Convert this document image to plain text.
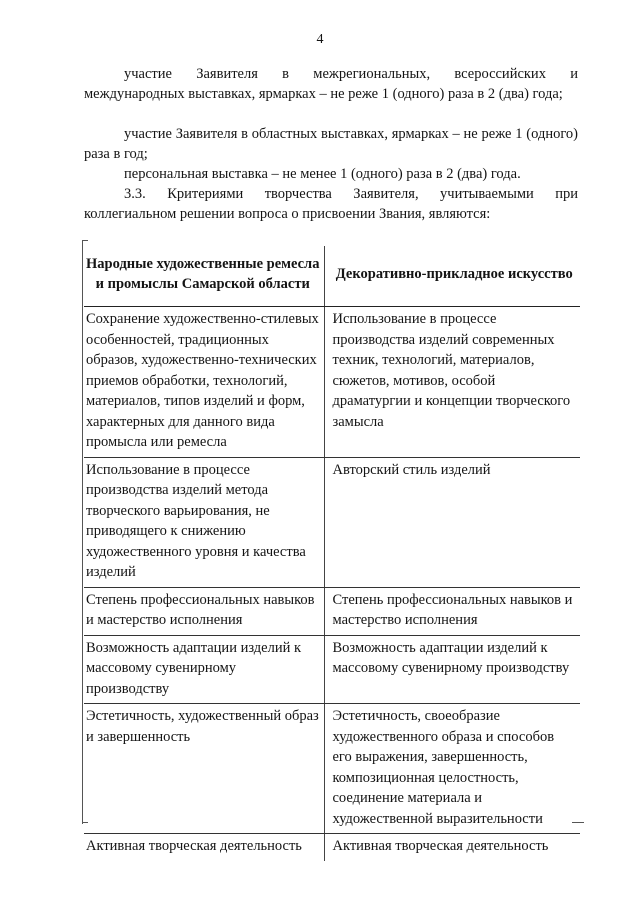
4

участие Заявителя в межрегиональных, всероссийских и международных выставках, ярмарках – не реже 1 (одного) раза в 2 (два) года;

участие Заявителя в областных выставках, ярмарках – не реже 1 (одного) раза в год;

персональная выставка – не менее 1 (одного) раза в 2 (два) года.

3.3. Критериями творчества Заявителя, учитываемыми при коллегиальном решении вопроса о присвоении Звания, являются:

Народные художественные ремесла и промыслы Самарской области	Декоративно-прикладное искусство
Сохранение художественно-стилевых особенностей, традиционных образов, художественно-технических приемов обработки, технологий, материалов, типов изделий и форм, характерных для данного вида промысла или ремесла	Использование в процессе производства изделий современных техник, технологий, материалов, сюжетов, мотивов, особой драматургии и концепции творческого замысла
Использование в процессе производства изделий метода творческого варьирования, не приводящего к снижению художественного уровня и качества изделий	Авторский стиль изделий
Степень профессиональных навыков и мастерство исполнения	Степень профессиональных навыков и мастерство исполнения
Возможность адаптации изделий к массовому сувенирному производству	Возможность адаптации изделий к массовому сувенирному производству
Эстетичность, художественный образ и завершенность	Эстетичность, своеобразие художественного образа и способов его выражения, завершенность, композиционная целостность, соединение материала и художественной выразительности
Активная творческая деятельность	Активная творческая деятельность
